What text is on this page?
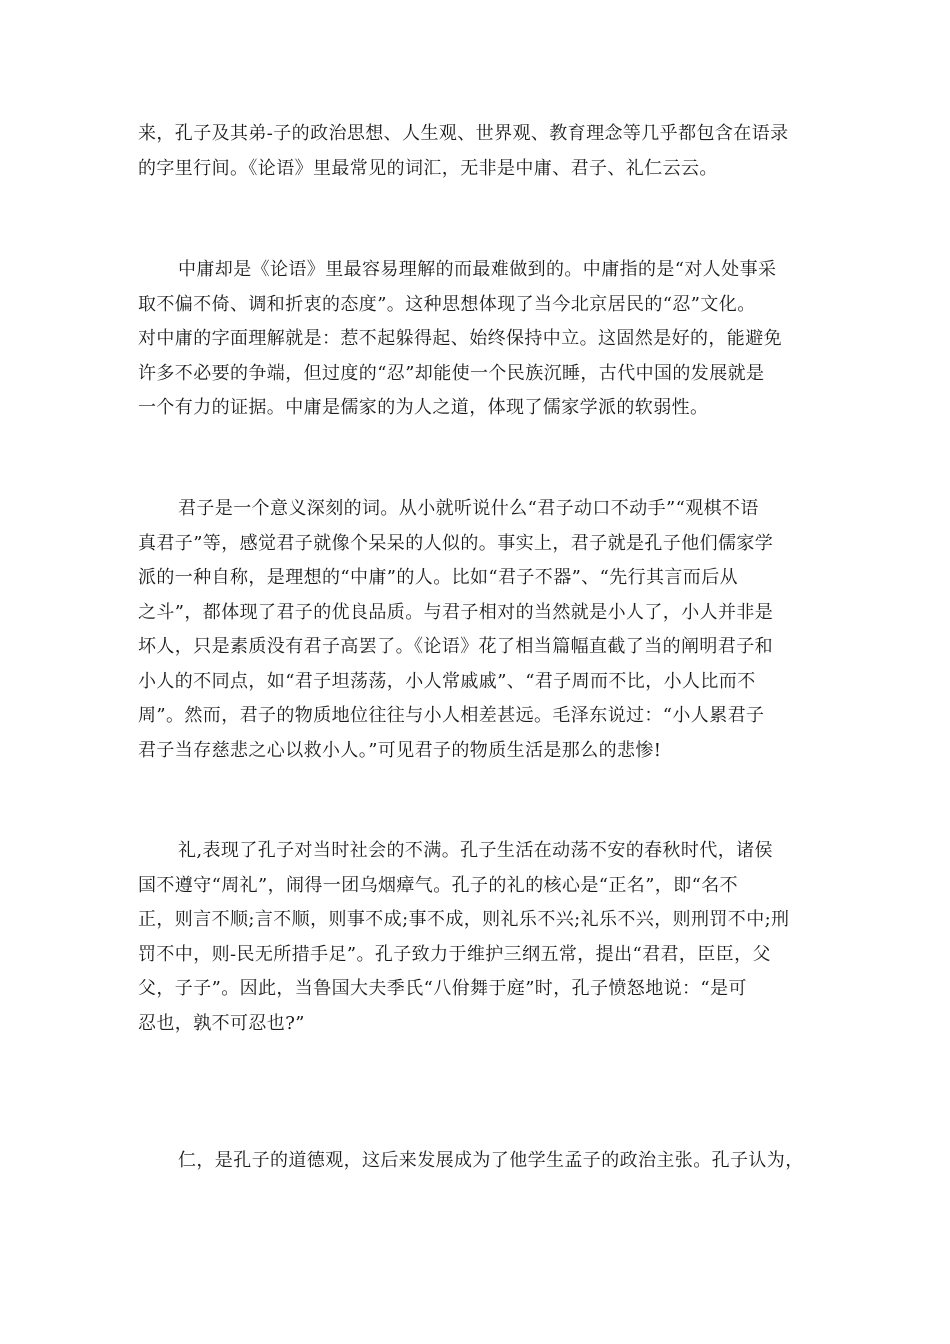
来，孔子及其弟-子的政治思想、人生观、世界观、教育理念等几乎都包含在语录
的字里行间。《论语》里最常见的词汇，无非是中庸、君子、礼仁云云。
中庸却是《论语》里最容易理解的而最难做到的。中庸指的是“对人处事采
取不偏不倚、调和折衷的态度”。这种思想体现了当今北京居民的“忍”文化。
对中庸的字面理解就是：惹不起躲得起、始终保持中立。这固然是好的，能避免
许多不必要的争端，但过度的“忍”却能使一个民族沉睡，古代中国的发展就是
一个有力的证据。中庸是儒家的为人之道，体现了儒家学派的软弱性。
君子是一个意义深刻的词。从小就听说什么“君子动口不动手”“观棋不语
真君子”等，感觉君子就像个呆呆的人似的。事实上，君子就是孔子他们儒家学
派的一种自称，是理想的“中庸”的人。比如“君子不器”、“先行其言而后从
之斗”，都体现了君子的优良品质。与君子相对的当然就是小人了，小人并非是
坏人，只是素质没有君子高罢了。《论语》花了相当篇幅直截了当的阐明君子和
小人的不同点，如“君子坦荡荡，小人常戚戚”、“君子周而不比，小人比而不
周”。然而，君子的物质地位往往与小人相差甚远。毛泽东说过：“小人累君子
君子当存慈悲之心以救小人。”可见君子的物质生活是那么的悲惨!
礼,表现了孔子对当时社会的不满。孔子生活在动荡不安的春秋时代，诸侯
国不遵守“周礼”，闹得一团乌烟瘴气。孔子的礼的核心是“正名”，即“名不
正，则言不顺;言不顺，则事不成;事不成，则礼乐不兴;礼乐不兴，则刑罚不中;刑
罚不中，则-民无所措手足”。孔子致力于维护三纲五常，提出“君君，臣臣，父
父，子子”。因此，当鲁国大夫季氏“八佾舞于庭”时，孔子愤怒地说：“是可
忍也，孰不可忍也?”
仁，是孔子的道德观，这后来发展成为了他学生孟子的政治主张。孔子认为，
